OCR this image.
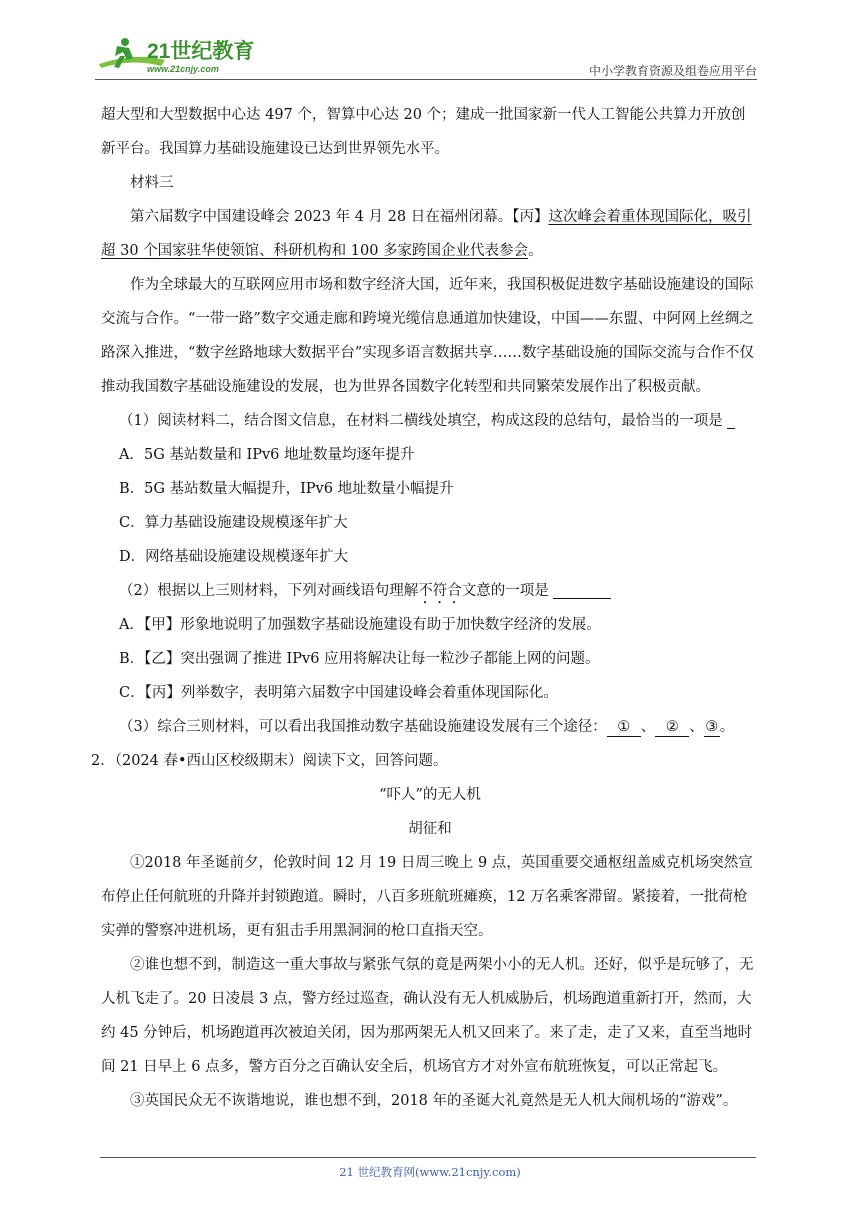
21世纪教育
www.21cnjy.com	中小学教育资源及组卷应用平台

超大型和大型数据中心达 497 个，智算中心达 20 个；建成一批国家新一代人工智能公共算力开放创新平台。我国算力基础设施建设已达到世界领先水平。

材料三

第六届数字中国建设峰会 2023 年 4 月 28 日在福州闭幕。【丙】这次峰会着重体现国际化，吸引超 30 个国家驻华使领馆、科研机构和 100 多家跨国企业代表参会。

作为全球最大的互联网应用市场和数字经济大国，近年来，我国积极促进数字基础设施建设的国际交流与合作。“一带一路”数字交通走廊和跨境光缆信息通道加快建设，中国——东盟、中阿网上丝绸之路深入推进，“数字丝路地球大数据平台”实现多语言数据共享……数字基础设施的国际交流与合作不仅推动我国数字基础设施建设的发展，也为世界各国数字化转型和共同繁荣发展作出了积极贡献。

（1）阅读材料二，结合图文信息，在材料二横线处填空，构成这段的总结句，最恰当的一项是

A．5G 基站数量和 IPv6 地址数量均逐年提升

B．5G 基站数量大幅提升，IPv6 地址数量小幅提升

C．算力基础设施建设规模逐年扩大

D．网络基础设施建设规模逐年扩大

（2）根据以上三则材料，下列对画线语句理解不符合文意的一项是

A．【甲】形象地说明了加强数字基础设施建设有助于加快数字经济的发展。

B．【乙】突出强调了推进 IPv6 应用将解决让每一粒沙子都能上网的问题。

C．【丙】列举数字，表明第六届数字中国建设峰会着重体现国际化。

（3）综合三则材料，可以看出我国推动数字基础设施建设发展有三个途径： ① 、 ② 、 ③ 。

2．（2024 春•西山区校级期末）阅读下文，回答问题。

“吓人”的无人机

胡征和

①2018 年圣诞前夕，伦敦时间 12 月 19 日周三晚上 9 点，英国重要交通枢纽盖威克机场突然宣布停止任何航班的升降并封锁跑道。瞬时，八百多班航班瘫痪，12 万名乘客滞留。紧接着，一批荷枪实弹的警察冲进机场，更有狙击手用黑洞洞的枪口直指天空。

②谁也想不到，制造这一重大事故与紧张气氛的竟是两架小小的无人机。还好，似乎是玩够了，无人机飞走了。20 日凌晨 3 点，警方经过巡查，确认没有无人机威胁后，机场跑道重新打开，然而，大约 45 分钟后，机场跑道再次被迫关闭，因为那两架无人机又回来了。来了走，走了又来，直至当地时间 21 日早上 6 点多，警方百分之百确认安全后，机场官方才对外宣布航班恢复，可以正常起飞。

③英国民众无不诙谐地说，谁也想不到，2018 年的圣诞大礼竟然是无人机大闹机场的“游戏”。

21 世纪教育网(www.21cnjy.com)
